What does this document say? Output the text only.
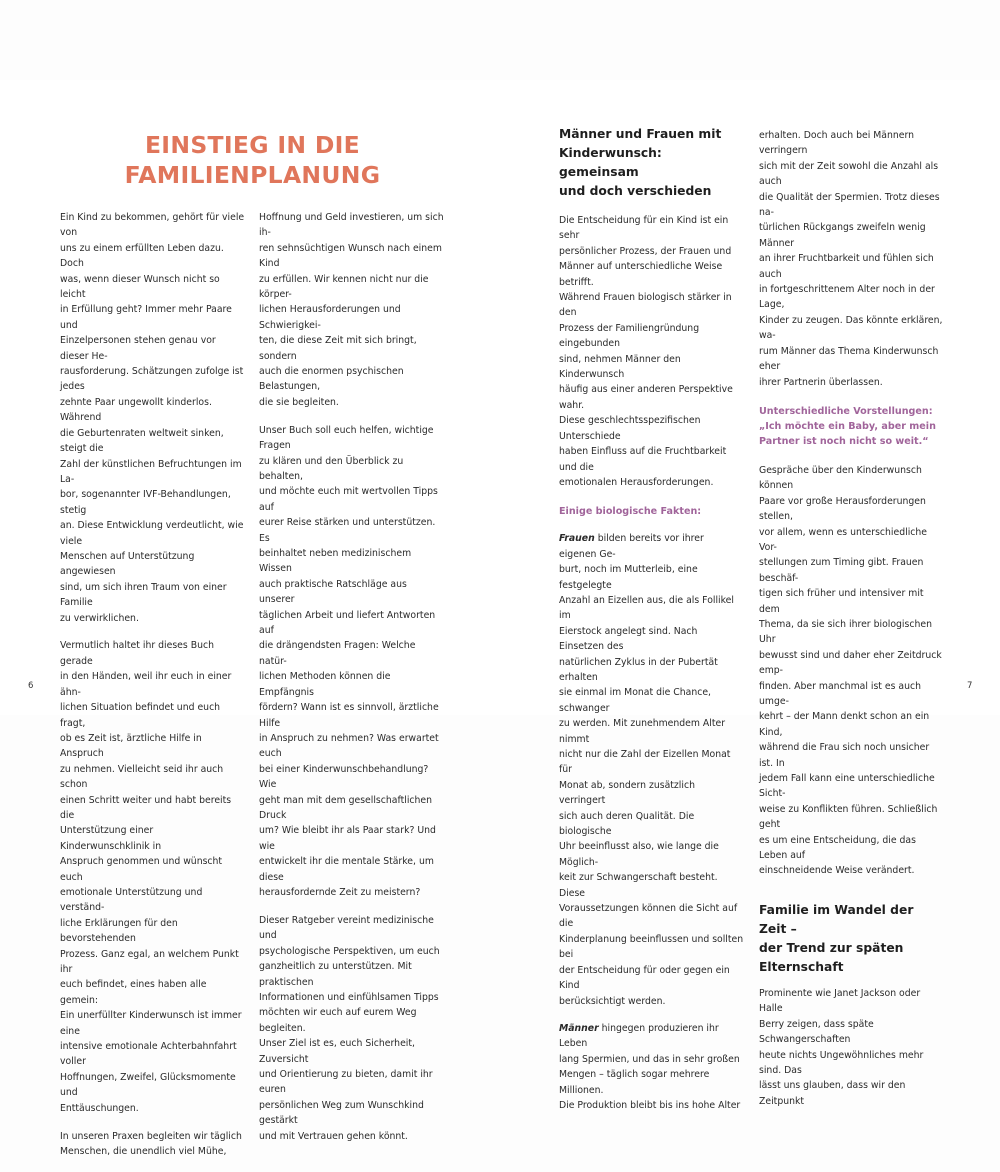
EINSTIEG IN DIE
FAMILIENPLANUNG

Ein Kind zu bekommen, gehört für viele von
uns zu einem erfüllten Leben dazu. Doch
was, wenn dieser Wunsch nicht so leicht
in Erfüllung geht? Immer mehr Paare und
Einzelpersonen stehen genau vor dieser He-
rausforderung. Schätzungen zufolge ist jedes
zehnte Paar ungewollt kinderlos. Während
die Geburtenraten weltweit sinken, steigt die
Zahl der künstlichen Befruchtungen im La-
bor, sogenannter IVF-Behandlungen, stetig
an. Diese Entwicklung verdeutlicht, wie viele
Menschen auf Unterstützung angewiesen
sind, um sich ihren Traum von einer Familie
zu verwirklichen.

Vermutlich haltet ihr dieses Buch gerade
in den Händen, weil ihr euch in einer ähn-
lichen Situation befindet und euch fragt,
ob es Zeit ist, ärztliche Hilfe in Anspruch
zu nehmen. Vielleicht seid ihr auch schon
einen Schritt weiter und habt bereits die
Unterstützung einer Kinderwunschklinik in
Anspruch genommen und wünscht euch
emotionale Unterstützung und verständ-
liche Erklärungen für den bevorstehenden
Prozess. Ganz egal, an welchem Punkt ihr
euch befindet, eines haben alle gemein:
Ein unerfüllter Kinderwunsch ist immer eine
intensive emotionale Achterbahnfahrt voller
Hoffnungen, Zweifel, Glücksmomente und
Enttäuschungen.

In unseren Praxen begleiten wir täglich
Menschen, die unendlich viel Mühe,

Hoffnung und Geld investieren, um sich ih-
ren sehnsüchtigen Wunsch nach einem Kind
zu erfüllen. Wir kennen nicht nur die körper-
lichen Herausforderungen und Schwierigkei-
ten, die diese Zeit mit sich bringt, sondern
auch die enormen psychischen Belastungen,
die sie begleiten.

Unser Buch soll euch helfen, wichtige Fragen
zu klären und den Überblick zu behalten,
und möchte euch mit wertvollen Tipps auf
eurer Reise stärken und unterstützen. Es
beinhaltet neben medizinischem Wissen
auch praktische Ratschläge aus unserer
täglichen Arbeit und liefert Antworten auf
die drängendsten Fragen: Welche natür-
lichen Methoden können die Empfängnis
fördern? Wann ist es sinnvoll, ärztliche Hilfe
in Anspruch zu nehmen? Was erwartet euch
bei einer Kinderwunschbehandlung? Wie
geht man mit dem gesellschaftlichen Druck
um? Wie bleibt ihr als Paar stark? Und wie
entwickelt ihr die mentale Stärke, um diese
herausfordernde Zeit zu meistern?

Dieser Ratgeber vereint medizinische und
psychologische Perspektiven, um euch
ganzheitlich zu unterstützen. Mit praktischen
Informationen und einfühlsamen Tipps
möchten wir euch auf eurem Weg begleiten.
Unser Ziel ist es, euch Sicherheit, Zuversicht
und Orientierung zu bieten, damit ihr euren
persönlichen Weg zum Wunschkind gestärkt
und mit Vertrauen gehen könnt.

6
Männer und Frauen mit
Kinderwunsch: gemeinsam
und doch verschieden

Die Entscheidung für ein Kind ist ein sehr
persönlicher Prozess, der Frauen und
Männer auf unterschiedliche Weise betrifft.
Während Frauen biologisch stärker in den
Prozess der Familiengründung eingebunden
sind, nehmen Männer den Kinderwunsch
häufig aus einer anderen Perspektive wahr.
Diese geschlechtsspezifischen Unterschiede
haben Einfluss auf die Fruchtbarkeit und die
emotionalen Herausforderungen.

Einige biologische Fakten:

Frauen bilden bereits vor ihrer eigenen Ge-
burt, noch im Mutterleib, eine festgelegte
Anzahl an Eizellen aus, die als Follikel im
Eierstock angelegt sind. Nach Einsetzen des
natürlichen Zyklus in der Pubertät erhalten
sie einmal im Monat die Chance, schwanger
zu werden. Mit zunehmendem Alter nimmt
nicht nur die Zahl der Eizellen Monat für
Monat ab, sondern zusätzlich verringert
sich auch deren Qualität. Die biologische
Uhr beeinflusst also, wie lange die Möglich-
keit zur Schwangerschaft besteht. Diese
Voraussetzungen können die Sicht auf die
Kinderplanung beeinflussen und sollten bei
der Entscheidung für oder gegen ein Kind
berücksichtigt werden.

Männer hingegen produzieren ihr Leben
lang Spermien, und das in sehr großen
Mengen – täglich sogar mehrere Millionen.
Die Produktion bleibt bis ins hohe Alter

erhalten. Doch auch bei Männern verringern
sich mit der Zeit sowohl die Anzahl als auch
die Qualität der Spermien. Trotz dieses na-
türlichen Rückgangs zweifeln wenig Männer
an ihrer Fruchtbarkeit und fühlen sich auch
in fortgeschrittenem Alter noch in der Lage,
Kinder zu zeugen. Das könnte erklären, wa-
rum Männer das Thema Kinderwunsch eher
ihrer Partnerin überlassen.

Unterschiedliche Vorstellungen:
„Ich möchte ein Baby, aber mein
Partner ist noch nicht so weit.“

Gespräche über den Kinderwunsch können
Paare vor große Herausforderungen stellen,
vor allem, wenn es unterschiedliche Vor-
stellungen zum Timing gibt. Frauen beschäf-
tigen sich früher und intensiver mit dem
Thema, da sie sich ihrer biologischen Uhr
bewusst sind und daher eher Zeitdruck emp-
finden. Aber manchmal ist es auch umge-
kehrt – der Mann denkt schon an ein Kind,
während die Frau sich noch unsicher ist. In
jedem Fall kann eine unterschiedliche Sicht-
weise zu Konflikten führen. Schließlich geht
es um eine Entscheidung, die das Leben auf
einschneidende Weise verändert.

Familie im Wandel der Zeit –
der Trend zur späten
Elternschaft

Prominente wie Janet Jackson oder Halle
Berry zeigen, dass späte Schwangerschaften
heute nichts Ungewöhnliches mehr sind. Das
lässt uns glauben, dass wir den Zeitpunkt

7
